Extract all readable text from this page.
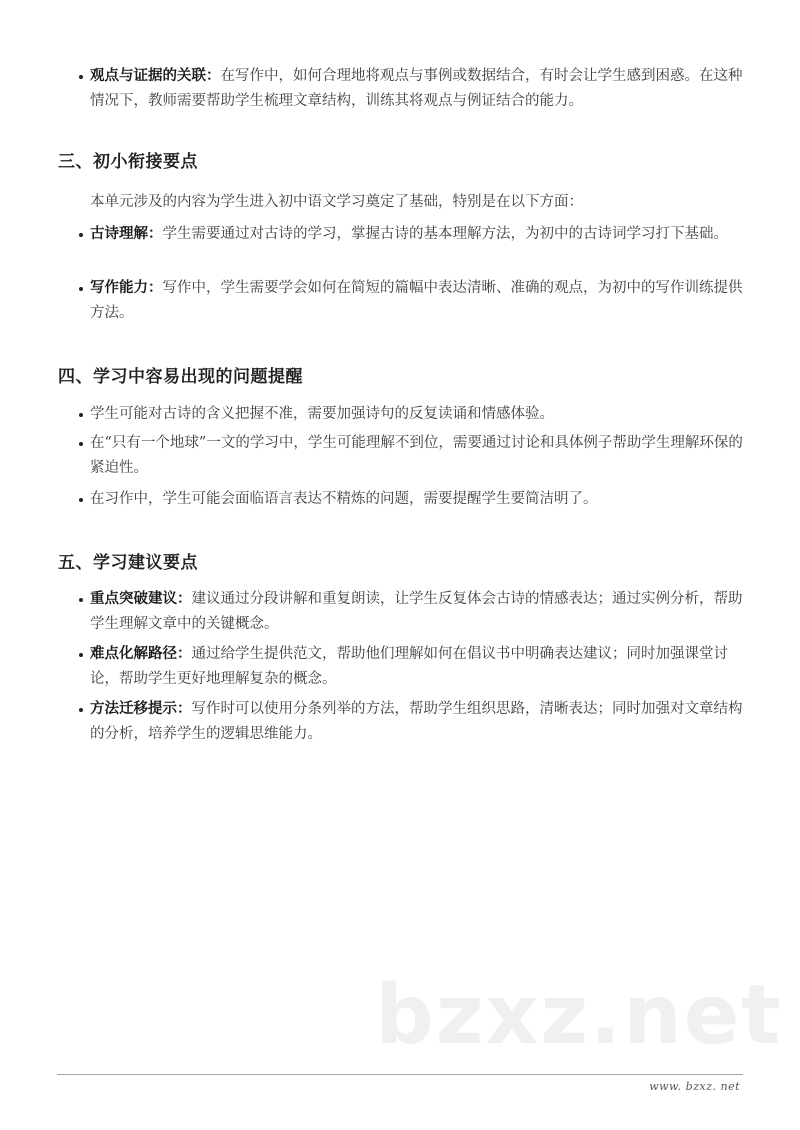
观点与证据的关联：在写作中，如何合理地将观点与事例或数据结合，有时会让学生感到困惑。在这种情况下，教师需要帮助学生梳理文章结构，训练其将观点与例证结合的能力。
三、初小衔接要点
本单元涉及的内容为学生进入初中语文学习奠定了基础，特别是在以下方面：
古诗理解：学生需要通过对古诗的学习，掌握古诗的基本理解方法，为初中的古诗词学习打下基础。
写作能力：写作中，学生需要学会如何在简短的篇幅中表达清晰、准确的观点，为初中的写作训练提供方法。
四、学习中容易出现的问题提醒
学生可能对古诗的含义把握不准，需要加强诗句的反复读诵和情感体验。
在“只有一个地球”一文的学习中，学生可能理解不到位，需要通过讨论和具体例子帮助学生理解环保的紧迫性。
在习作中，学生可能会面临语言表达不精炼的问题，需要提醒学生要简洁明了。
五、学习建议要点
重点突破建议：建议通过分段讲解和重复朗读，让学生反复体会古诗的情感表达；通过实例分析，帮助学生理解文章中的关键概念。
难点化解路径：通过给学生提供范文，帮助他们理解如何在倡议书中明确表达建议；同时加强课堂讨论，帮助学生更好地理解复杂的概念。
方法迁移提示：写作时可以使用分条列举的方法，帮助学生组织思路，清晰表达；同时加强对文章结构的分析，培养学生的逻辑思维能力。
bzxz.net
www. bzxz. net
